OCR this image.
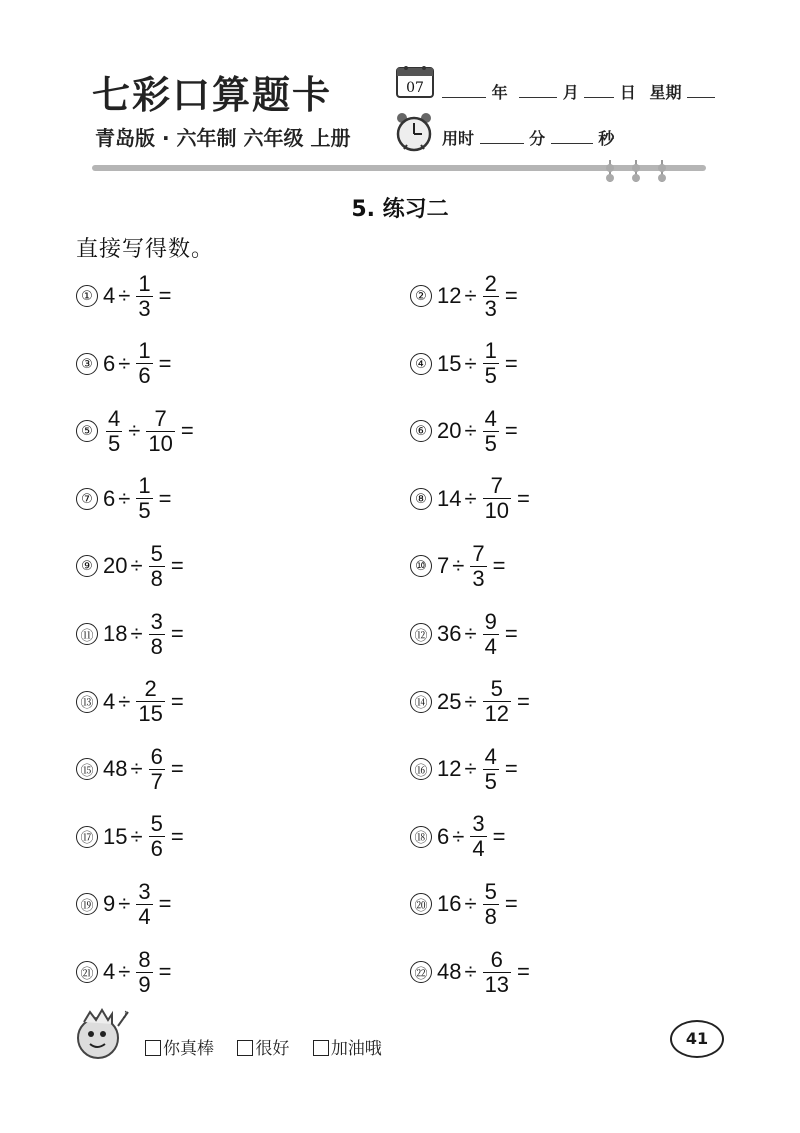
七彩口算题卡
青岛版 · 六年制 六年级 上册
07	年	月	日 星期
用时	分	秒
5. 练习二
直接写得数。
① $4 \div \frac{1}{3}$ =	② $12 \div \frac{2}{3}$ =
③ $6 \div \frac{1}{6}$ =	④ $15 \div \frac{1}{5}$ =
⑤ $\frac{4}{5} \div \frac{7}{10}$ =	⑥ $20 \div \frac{4}{5}$ =
⑦ $6 \div \frac{1}{5}$ =	⑧ $14 \div \frac{7}{10}$ =
⑨ $20 \div \frac{5}{8}$ =	⑩ $7 \div \frac{7}{3}$ =
⑪ $18 \div \frac{3}{8}$ =	⑫ $36 \div \frac{9}{4}$ =
⑬ $4 \div \frac{2}{15}$ =	⑭ $25 \div \frac{5}{12}$ =
⑮ $48 \div \frac{6}{7}$ =	⑯ $12 \div \frac{4}{5}$ =
⑰ $15 \div \frac{5}{6}$ =	⑱ $6 \div \frac{3}{4}$ =
⑲ $9 \div \frac{3}{4}$ =	⑳ $16 \div \frac{5}{8}$ =
㉑ $4 \div \frac{8}{9}$ =	㉒ $48 \div \frac{6}{13}$ =
♪
你真棒 很好 加油哦
41
